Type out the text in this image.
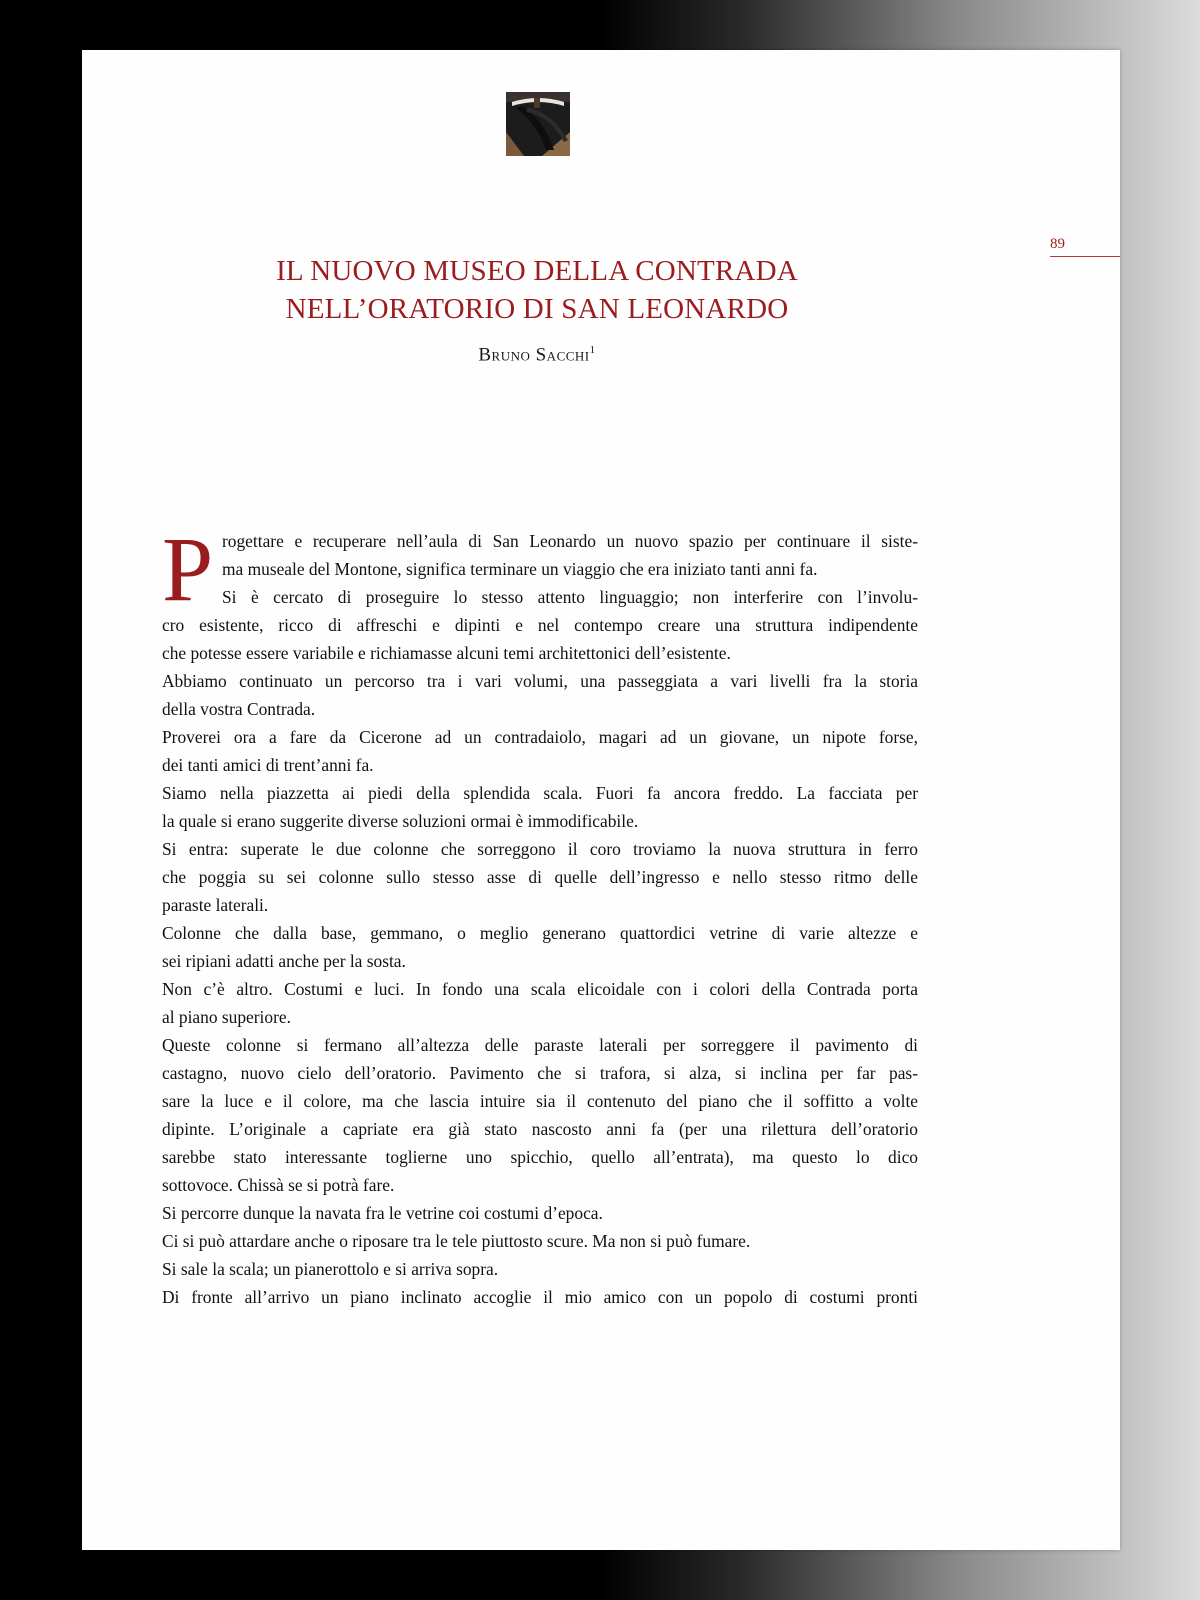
89
IL NUOVO MUSEO DELLA CONTRADA
NELL’ORATORIO DI SAN LEONARDO
Bruno Sacchi$^1$
P rogettare e recuperare nell’aula di San Leonardo un nuovo spazio per continuare il siste-
ma museale del Montone, significa terminare un viaggio che era iniziato tanti anni fa.
Si è cercato di proseguire lo stesso attento linguaggio; non interferire con l’involu-
cro esistente, ricco di affreschi e dipinti e nel contempo creare una struttura indipendente
che potesse essere variabile e richiamasse alcuni temi architettonici dell’esistente.
Abbiamo continuato un percorso tra i vari volumi, una passeggiata a vari livelli fra la storia
della vostra Contrada.
Proverei ora a fare da Cicerone ad un contradaiolo, magari ad un giovane, un nipote forse,
dei tanti amici di trent’anni fa.
Siamo nella piazzetta ai piedi della splendida scala. Fuori fa ancora freddo. La facciata per
la quale si erano suggerite diverse soluzioni ormai è immodificabile.
Si entra: superate le due colonne che sorreggono il coro troviamo la nuova struttura in ferro
che poggia su sei colonne sullo stesso asse di quelle dell’ingresso e nello stesso ritmo delle
paraste laterali.
Colonne che dalla base, gemmano, o meglio generano quattordici vetrine di varie altezze e
sei ripiani adatti anche per la sosta.
Non c’è altro. Costumi e luci. In fondo una scala elicoidale con i colori della Contrada porta
al piano superiore.
Queste colonne si fermano all’altezza delle paraste laterali per sorreggere il pavimento di
castagno, nuovo cielo dell’oratorio. Pavimento che si trafora, si alza, si inclina per far pas-
sare la luce e il colore, ma che lascia intuire sia il contenuto del piano che il soffitto a volte
dipinte. L’originale a capriate era già stato nascosto anni fa (per una rilettura dell’oratorio
sarebbe stato interessante toglierne uno spicchio, quello all’entrata), ma questo lo dico
sottovoce. Chissà se si potrà fare.
Si percorre dunque la navata fra le vetrine coi costumi d’epoca.
Ci si può attardare anche o riposare tra le tele piuttosto scure. Ma non si può fumare.
Si sale la scala; un pianerottolo e si arriva sopra.
Di fronte all’arrivo un piano inclinato accoglie il mio amico con un popolo di costumi pronti
